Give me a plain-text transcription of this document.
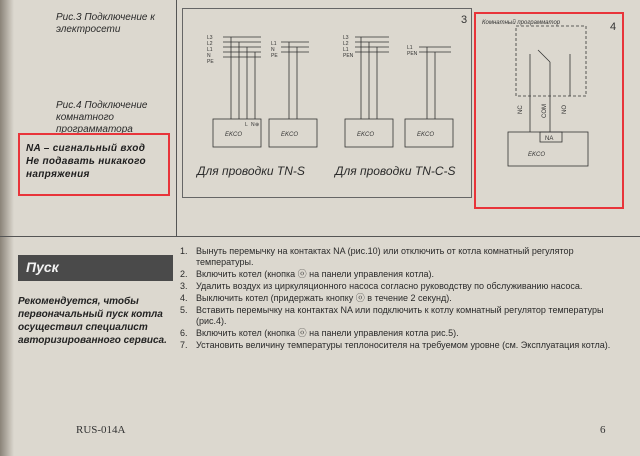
Рис.3 Подключение к электросети
Рис.4 Подключение комнатного программатора
NA – сигнальный вход
Не подавать никакого
напряжения
3
L3
L2
L1
N
PE
L1
N
PE
L3
L2
L1
PEN
L1
PEN
EKCO	EKCO	EKCO	EKCO
L N ⊕
Для проводки TN-S	Для проводки TN-C-S
4
Комнатный программатор
NC	COM NO
NA
EKCO
Пуск
Рекомендуется, чтобы первоначальный пуск котла осуществил специалист авторизированного сервиса.
1. Вынуть перемычку на контактах NA (рис.10) или отключить от котла комнатный регулятор температуры.
2. Включить котел (кнопка ⓞ на панели управления котла).
3. Удалить воздух из циркуляционного насоса согласно руководству по обслуживанию насоса.
4. Выключить котел (придержать кнопку ⓞ в течение 2 секунд).
5. Вставить перемычку на контактах NA или подключить к котлу комнатный регулятор температуры (рис.4).
6. Включить котел (кнопка ⓞ на панели управления котла рис.5).
7. Установить величину температуры теплоносителя на требуемом уровне (см. Эксплуатация котла).
RUS-014A	6
